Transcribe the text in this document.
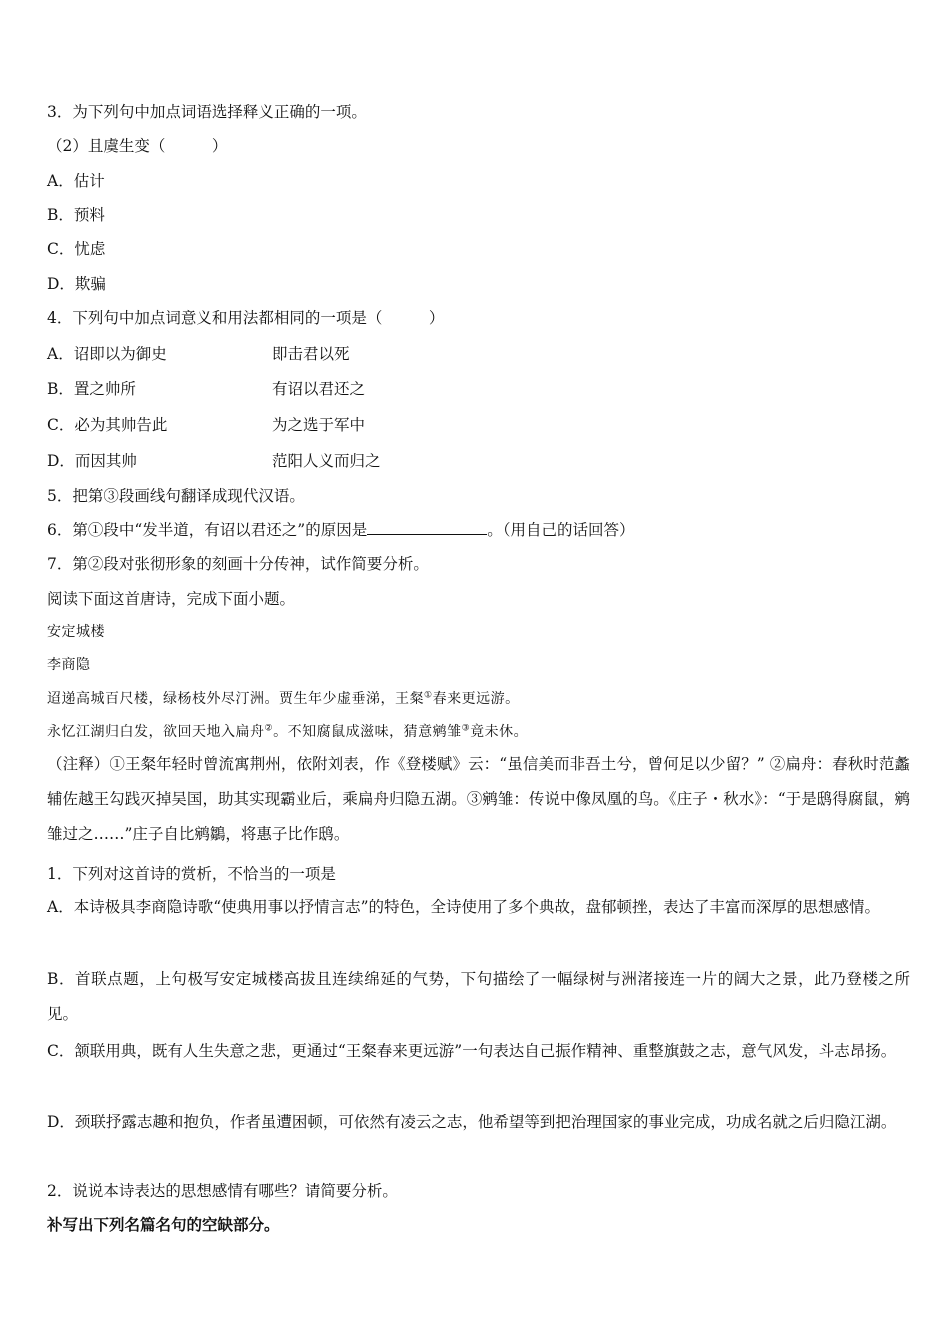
3．为下列句中加点词语选择释义正确的一项。
（2）且虞生变（　　　）
A．估计
B．预料
C．忧虑
D．欺骗
4．下列句中加点词意义和用法都相同的一项是（　　　）
A．诏即以为御史	即击君以死
B．置之帅所	有诏以君还之
C．必为其帅告此	为之选于军中
D．而因其帅	范阳人义而归之
5．把第③段画线句翻译成现代汉语。
6．第①段中“发半道，有诏以君还之”的原因是	。（用自己的话回答）
7．第②段对张彻形象的刻画十分传神，试作简要分析。
阅读下面这首唐诗，完成下面小题。
安定城楼
李商隐
迢递高城百尺楼，绿杨枝外尽汀洲。贾生年少虚垂涕，王粲①春来更远游。
永忆江湖归白发，欲回天地入扁舟②。不知腐鼠成滋味，猜意鹓雏③竟未休。
（注释）①王粲年轻时曾流寓荆州，依附刘表，作《登楼赋》云：“虽信美而非吾土兮，曾何足以少留？” ②扁舟：春秋时范蠡辅佐越王勾践灭掉吴国，助其实现霸业后，乘扁舟归隐五湖。③鹓雏：传说中像凤凰的鸟。《庄子・秋水》：“于是鸱得腐鼠，鹓雏过之……”庄子自比鹓鶵，将惠子比作鸱。
1．下列对这首诗的赏析，不恰当的一项是
A．本诗极具李商隐诗歌“使典用事以抒情言志”的特色，全诗使用了多个典故，盘郁顿挫，表达了丰富而深厚的思想感情。
B．首联点题，上句极写安定城楼高拔且连续绵延的气势，下句描绘了一幅绿树与洲渚接连一片的阔大之景，此乃登楼之所见。
C．颔联用典，既有人生失意之悲，更通过“王粲春来更远游”一句表达自己振作精神、重整旗鼓之志，意气风发，斗志昂扬。
D．颈联抒露志趣和抱负，作者虽遭困顿，可依然有凌云之志，他希望等到把治理国家的事业完成，功成名就之后归隐江湖。
2．说说本诗表达的思想感情有哪些？请简要分析。
补写出下列名篇名句的空缺部分。
